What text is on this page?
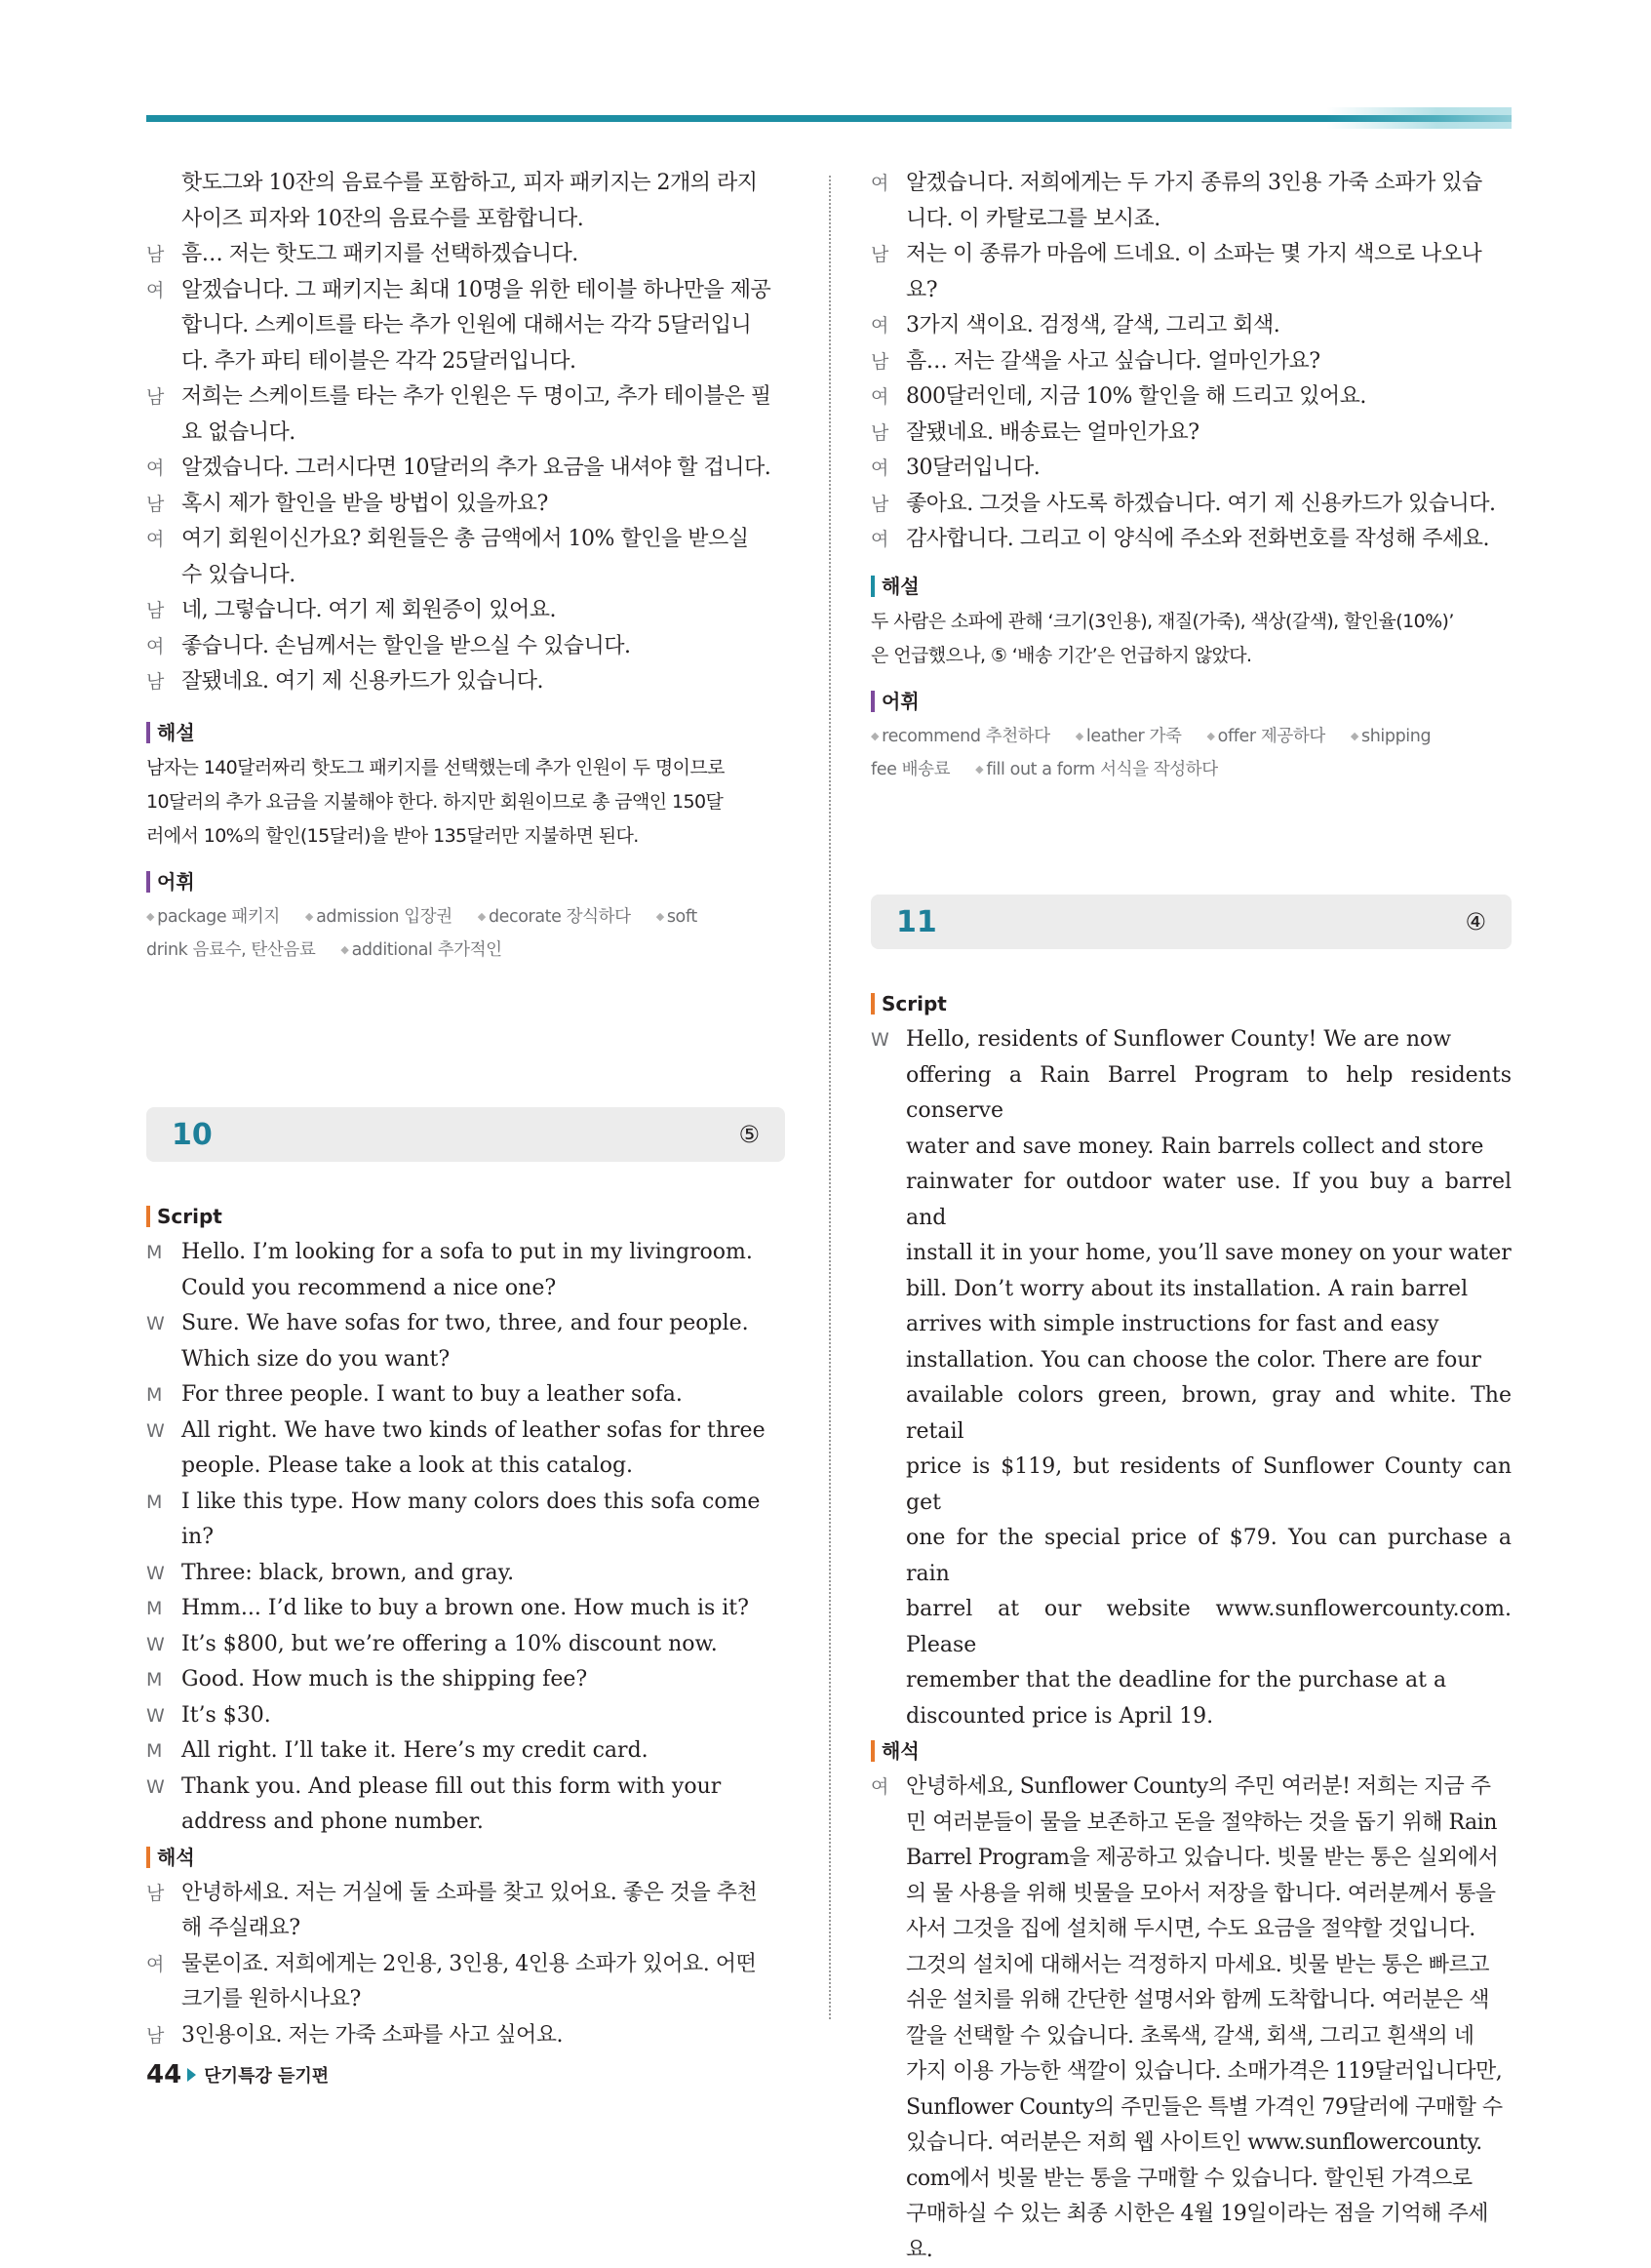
핫도그와 10잔의 음료수를 포함하고, 피자 패키지는 2개의 라지
사이즈 피자와 10잔의 음료수를 포함합니다.
남 흠… 저는 핫도그 패키지를 선택하겠습니다.
여 알겠습니다. 그 패키지는 최대 10명을 위한 테이블 하나만을 제공
합니다. 스케이트를 타는 추가 인원에 대해서는 각각 5달러입니
다. 추가 파티 테이블은 각각 25달러입니다.
남 저희는 스케이트를 타는 추가 인원은 두 명이고, 추가 테이블은 필
요 없습니다.
여 알겠습니다. 그러시다면 10달러의 추가 요금을 내셔야 할 겁니다.
남 혹시 제가 할인을 받을 방법이 있을까요?
여 여기 회원이신가요? 회원들은 총 금액에서 10% 할인을 받으실
수 있습니다.
남 네, 그렇습니다. 여기 제 회원증이 있어요.
여 좋습니다. 손님께서는 할인을 받으실 수 있습니다.
남 잘됐네요. 여기 제 신용카드가 있습니다.
해설
남자는 140달러짜리 핫도그 패키지를 선택했는데 추가 인원이 두 명이므로
10달러의 추가 요금을 지불해야 한다. 하지만 회원이므로 총 금액인 150달
러에서 10%의 할인(15달러)을 받아 135달러만 지불하면 된다.
어휘
◆ package 패키지 ◆ admission 입장권 ◆ decorate 장식하다 ◆ soft
drink 음료수, 탄산음료 ◆ additional 추가적인
10	⑤
Script
M Hello. I’m looking for a sofa to put in my livingroom.
Could you recommend a nice one?
W Sure. We have sofas for two, three, and four people.
Which size do you want?
M For three people. I want to buy a leather sofa.
W All right. We have two kinds of leather sofas for three
people. Please take a look at this catalog.
M I like this type. How many colors does this sofa come in?
W Three: black, brown, and gray.
M Hmm... I’d like to buy a brown one. How much is it?
W It’s $800, but we’re offering a 10% discount now.
M Good. How much is the shipping fee?
W It’s $30.
M All right. I’ll take it. Here’s my credit card.
W Thank you. And please fill out this form with your
address and phone number.
해석
남 안녕하세요. 저는 거실에 둘 소파를 찾고 있어요. 좋은 것을 추천
해 주실래요?
여 물론이죠. 저희에게는 2인용, 3인용, 4인용 소파가 있어요. 어떤
크기를 원하시나요?
남 3인용이요. 저는 가죽 소파를 사고 싶어요.
여 알겠습니다. 저희에게는 두 가지 종류의 3인용 가죽 소파가 있습
니다. 이 카탈로그를 보시죠.
남 저는 이 종류가 마음에 드네요. 이 소파는 몇 가지 색으로 나오나
요?
여 3가지 색이요. 검정색, 갈색, 그리고 회색.
남 흠… 저는 갈색을 사고 싶습니다. 얼마인가요?
여 800달러인데, 지금 10% 할인을 해 드리고 있어요.
남 잘됐네요. 배송료는 얼마인가요?
여 30달러입니다.
남 좋아요. 그것을 사도록 하겠습니다. 여기 제 신용카드가 있습니다.
여 감사합니다. 그리고 이 양식에 주소와 전화번호를 작성해 주세요.
해설
두 사람은 소파에 관해 ‘크기(3인용), 재질(가죽), 색상(갈색), 할인율(10%)’
은 언급했으나, ⑤ ‘배송 기간’은 언급하지 않았다.
어휘
◆ recommend 추천하다 ◆ leather 가죽 ◆ offer 제공하다 ◆ shipping
fee 배송료 ◆ fill out a form 서식을 작성하다
11	④
Script
W Hello, residents of Sunflower County! We are now
offering a Rain Barrel Program to help residents conserve
water and save money. Rain barrels collect and store
rainwater for outdoor water use. If you buy a barrel and
install it in your home, you’ll save money on your water
bill. Don’t worry about its installation. A rain barrel
arrives with simple instructions for fast and easy
installation. You can choose the color. There are four
available colors green, brown, gray and white. The retail
price is $119, but residents of Sunflower County can get
one for the special price of $79. You can purchase a rain
barrel at our website www.sunflowercounty.com. Please
remember that the deadline for the purchase at a
discounted price is April 19.
해석
여 안녕하세요, Sunflower County의 주민 여러분! 저희는 지금 주
민 여러분들이 물을 보존하고 돈을 절약하는 것을 돕기 위해 Rain
Barrel Program을 제공하고 있습니다. 빗물 받는 통은 실외에서
의 물 사용을 위해 빗물을 모아서 저장을 합니다. 여러분께서 통을
사서 그것을 집에 설치해 두시면, 수도 요금을 절약할 것입니다.
그것의 설치에 대해서는 걱정하지 마세요. 빗물 받는 통은 빠르고
쉬운 설치를 위해 간단한 설명서와 함께 도착합니다. 여러분은 색
깔을 선택할 수 있습니다. 초록색, 갈색, 회색, 그리고 흰색의 네
가지 이용 가능한 색깔이 있습니다. 소매가격은 119달러입니다만,
Sunflower County의 주민들은 특별 가격인 79달러에 구매할 수
있습니다. 여러분은 저희 웹 사이트인 www.sunflowercounty.
com에서 빗물 받는 통을 구매할 수 있습니다. 할인된 가격으로
구매하실 수 있는 최종 시한은 4월 19일이라는 점을 기억해 주세요.
44 단기특강 듣기편
